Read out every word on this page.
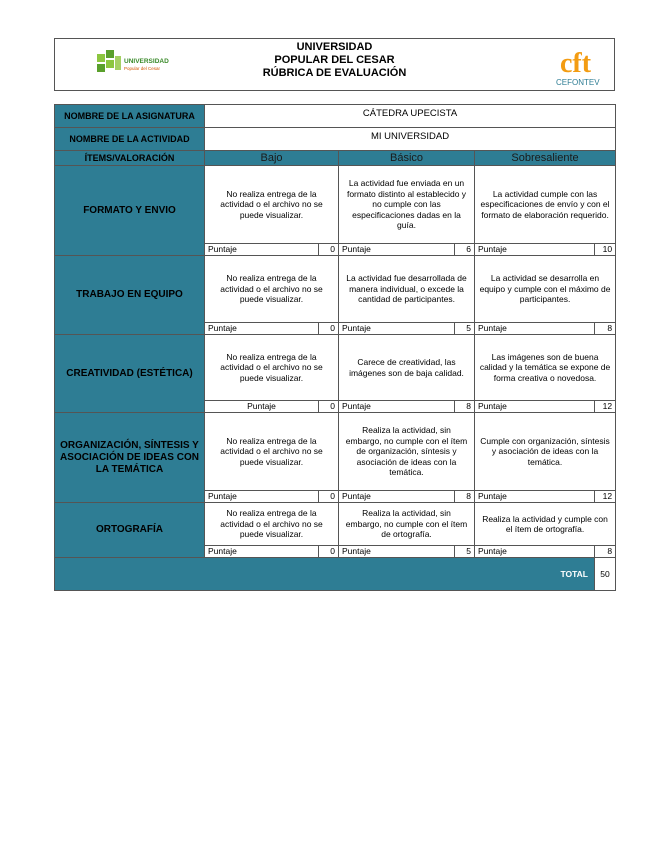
UNIVERSIDAD
Popular del Cesar
UNIVERSIDAD
POPULAR DEL CESAR
RÚBRICA DE EVALUACIÓN	cft
CEFONTEV
NOMBRE DE LA ASIGNATURA	CÁTEDRA UPECISTA					
NOMBRE DE LA ACTIVIDAD	MI UNIVERSIDAD					
ÍTEMS/VALORACIÓN	Bajo		Básico		Sobresaliente	
FORMATO Y ENVIO	No realiza entrega de la actividad o el archivo no se puede visualizar.		La actividad fue enviada en un formato distinto al establecido y no cumple con las especificaciones dadas en la guía.		La actividad cumple con las especificaciones de envío y con el formato de elaboración requerido.	
	Puntaje	0	Puntaje	6	Puntaje	10
TRABAJO EN EQUIPO	No realiza entrega de la actividad o el archivo no se puede visualizar.		La actividad fue desarrollada de manera individual, o excede la cantidad de participantes.		La actividad se desarrolla en equipo y cumple con el máximo de participantes.	
	Puntaje	0	Puntaje	5	Puntaje	8
CREATIVIDAD (ESTÉTICA)	No realiza entrega de la actividad o el archivo no se puede visualizar.		Carece de creatividad, las imágenes son de baja calidad.		Las imágenes son de buena calidad y la temática se expone de forma creativa o novedosa.	
	Puntaje	0	Puntaje	8	Puntaje	12
ORGANIZACIÓN, SÍNTESIS Y ASOCIACIÓN DE IDEAS CON LA TEMÁTICA	No realiza entrega de la actividad o el archivo no se puede visualizar.		Realiza la actividad, sin embargo, no cumple con el ítem de organización, síntesis y asociación de ideas con la temática.		Cumple con organización, síntesis y asociación de ideas con la temática.	
	Puntaje	0	Puntaje	8	Puntaje	12
ORTOGRAFÍA	No realiza entrega de la actividad o el archivo no se puede visualizar.		Realiza la actividad, sin embargo, no cumple con el ítem de ortografía.		Realiza la actividad y cumple con el ítem de ortografía.	
	Puntaje	0	Puntaje	5	Puntaje	8
TOTAL						50
